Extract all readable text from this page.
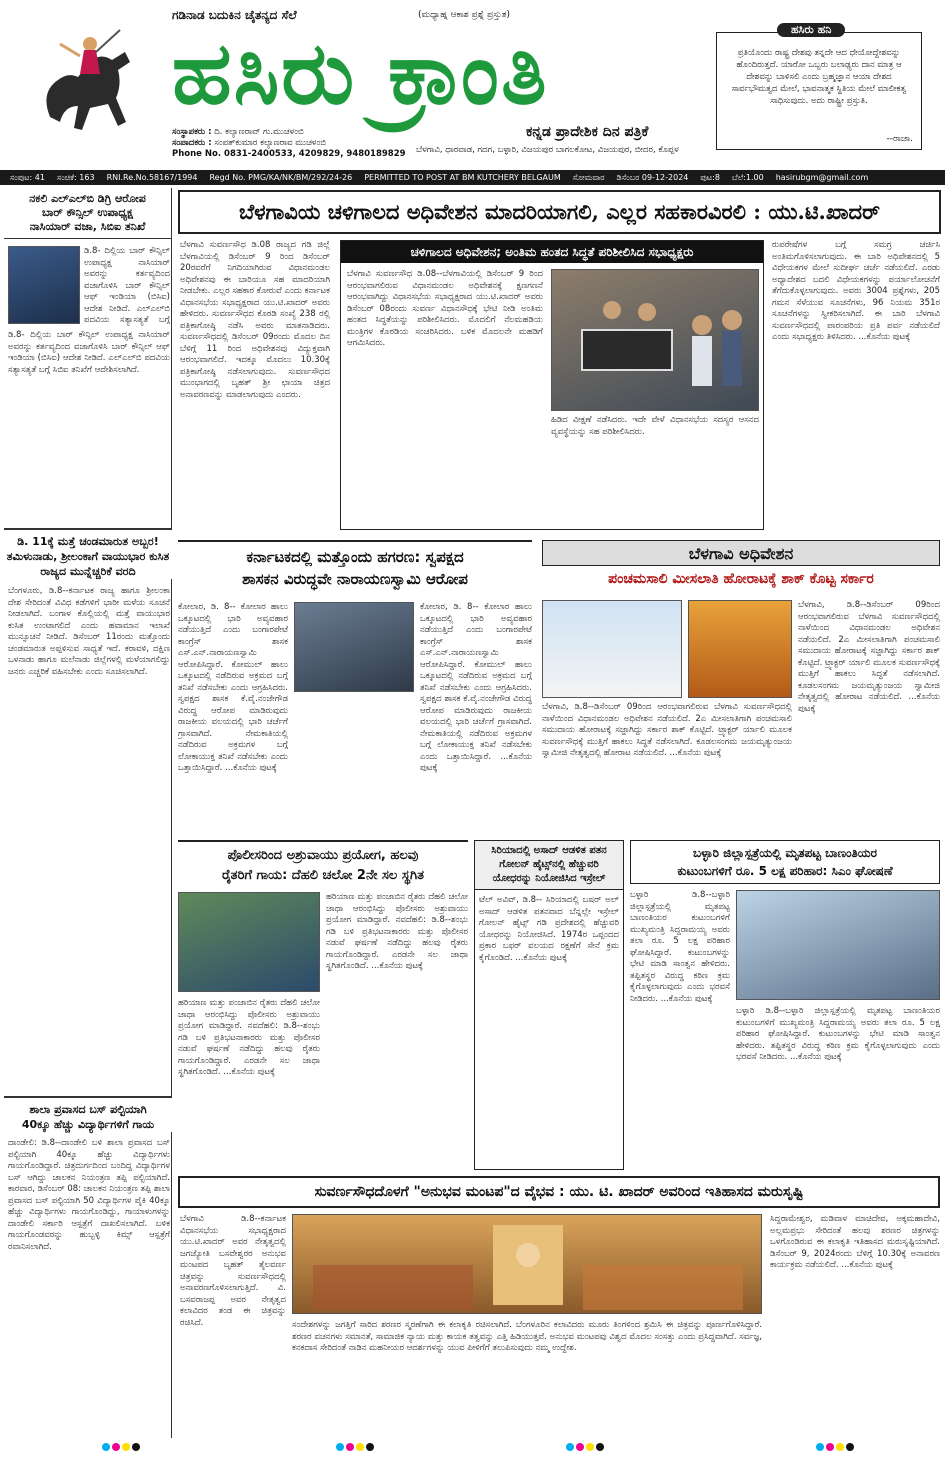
ಗಡಿನಾಡ ಬದುಕಿನ ಚೈತನ್ಯದ ಸೆಲೆ	(ಮಧ್ಯಾಹ್ನ ಆಕಾಶ ಪ್ರಶ್ನೆ ಪ್ರಸ್ತುತ)
ಹಸಿರು ಕ್ರಾಂತಿ
ಕನ್ನಡ ಪ್ರಾದೇಶಿಕ ದಿನ ಪತ್ರಿಕೆ
ಸಂಸ್ಥಾಪಕರು : ದಿ. ಕಲ್ಯಾಣರಾವ್ ಗು.ಮುಚಳಂಬಿ
ಸಂಪಾದಕರು : ಸಂಪತ್‌ಕುಮಾರ ಕಲ್ಯಾಣರಾವ ಮುಚಳಂಬಿ
Phone No. 0831-2400533, 4209829, 9480189829 ಬೆಳಗಾವಿ, ಧಾರವಾಡ, ಗದಗ, ಬಳ್ಳಾರಿ, ವಿಜಯಪುರ ಬಾಗಲಕೋಟ, ವಿಜಯಪುರ, ಬೀದರ, ಕೊಪ್ಪಳ
ಹಸಿರು ಹನಿ
ಪ್ರತಿಯೊಂದು ರಾಷ್ಟ್ರ ದೇಶವು ತನ್ನದೇ ಆದ ಧೇಯೋದ್ದೇಶವನ್ನು ಹೊಂದಿರುತ್ತದೆ. ಯಾರೋ ಒಬ್ಬರು ಬಲಾಢ್ಯರು ದಾನ ಮಾತ್ರ ಆ ದೇಶವನ್ನು ಬಾಳಿಸಲಿ ಎಂದು ಬ್ರಹ್ಮಜ್ಞಾನ ಆಯಾ ದೇಶದ ಸಾರ್ವಭೌಮತ್ವದ ಮೇಲೆ, ಭಾವನಾತ್ಮಕ ಸ್ಥಿತಿಯ ಮೇಲೆ ಮಾಲೀಕತ್ವ ಸಾಧಿಸುವುದು. ಅದು ರಾಷ್ಟ್ರೀ ಪ್ರಸ್ತುತಿ.
--ರಾಜಾ.
ಸಂಪುಟ: 41 ಸಂಚಿಕೆ: 163 RNI.Re.No.58167/1994 Regd No. PMG/KA/NK/BM/292/24-26 PERMITTED TO POST AT BM KUTCHERY BELGAUM ಸೋಮವಾರ ಡಿಸೆಂಬರ 09-12-2024 ಪುಟ:8 ಬೆಲೆ:1.00 hasirubgm@gmail.com
ನಕಲಿ ಎಲ್‌ಎಲ್‌ಬಿ ಡಿಗ್ರಿ ಆರೋಪ
ಬಾರ್ ಕೌನ್ಸಿಲ್ ಉಪಾಧ್ಯಕ್ಷ
ನಾಸಿಯಾರ್ ವಜಾ, ಸಿಬಿಐ ತನಿಖೆ
ಡಿ.8- ದಿಲ್ಲಿಯ ಬಾರ್ ಕೌನ್ಸಿಲ್ ಉಪಾಧ್ಯಕ್ಷ ನಾಸಿಯಾರ್ ಅವರನ್ನು ಕರ್ತವ್ಯದಿಂದ ವಜಾಗೊಳಿಸಿ ಬಾರ್ ಕೌನ್ಸಿಲ್ ಆಫ್ ಇಂಡಿಯಾ (ಬಿಸಿಐ) ಆದೇಶ ನೀಡಿದೆ. ಎಲ್‌ಎಲ್‌ಬಿ ಪದವಿಯ ಸತ್ಯಾಸತ್ಯತೆ ಬಗ್ಗೆ
ಡಿ.8- ದಿಲ್ಲಿಯ ಬಾರ್ ಕೌನ್ಸಿಲ್ ಉಪಾಧ್ಯಕ್ಷ ನಾಸಿಯಾರ್ ಅವರನ್ನು ಕರ್ತವ್ಯದಿಂದ ವಜಾಗೊಳಿಸಿ ಬಾರ್ ಕೌನ್ಸಿಲ್ ಆಫ್ ಇಂಡಿಯಾ (ಬಿಸಿಐ) ಆದೇಶ ನೀಡಿದೆ. ಎಲ್‌ಎಲ್‌ಬಿ ಪದವಿಯ ಸತ್ಯಾಸತ್ಯತೆ ಬಗ್ಗೆ ಸಿಬಿಐ ತನಿಖೆಗೆ ಆದೇಶಿಸಲಾಗಿದೆ.
ಡಿ. 11ಕ್ಕೆ ಮತ್ತೆ ಚಂಡಮಾರುತ ಅಬ್ಬರ!
ತಮಿಳುನಾಡು, ಶ್ರೀಲಂಕಾಗೆ ವಾಯುಭಾರ ಕುಸಿತ
ರಾಜ್ಯದ ಮುನ್ನೆಚ್ಚರಿಕೆ ವರದಿ
ಬೆಂಗಳೂರು, ಡಿ.8--ಕರ್ನಾಟಕ ರಾಜ್ಯ ಹಾಗೂ ಶ್ರೀಲಂಕಾ ದೇಶ ಸೇರಿದಂತೆ ವಿವಿಧ ಕಡೆಗಳಿಗೆ ಭಾರೀ ಮಳೆಯ ಸೂಚನೆ ನೀಡಲಾಗಿದೆ. ಬಂಗಾಳ ಕೊಲ್ಲಿಯಲ್ಲಿ ಮತ್ತೆ ವಾಯುಭಾರ ಕುಸಿತ ಉಂಟಾಗಲಿದೆ ಎಂದು ಹವಾಮಾನ ಇಲಾಖೆ ಮುನ್ಸೂಚನೆ ನೀಡಿದೆ. ಡಿಸೆಂಬರ್ 11ರಂದು ಮತ್ತೊಂದು ಚಂಡಮಾರುತ ಅಪ್ಪಳಿಸುವ ಸಾಧ್ಯತೆ ಇದೆ. ಕರಾವಳಿ, ದಕ್ಷಿಣ ಒಳನಾಡು ಹಾಗೂ ಮಲೆನಾಡು ಜಿಲ್ಲೆಗಳಲ್ಲಿ ಮಳೆಯಾಗಲಿದ್ದು ಜನರು ಎಚ್ಚರಿಕೆ ವಹಿಸಬೇಕು ಎಂದು ಸೂಚಿಸಲಾಗಿದೆ.
ಶಾಲಾ ಪ್ರವಾಸದ ಬಸ್ ಪಲ್ಟಿಯಾಗಿ
40ಕ್ಕೂ ಹೆಚ್ಚು ವಿದ್ಯಾರ್ಥಿಗಳಿಗೆ ಗಾಯ
ದಾಂಡೇಲಿ: ಡಿ.8--ದಾಂಡೇಲಿ ಬಳಿ ಶಾಲಾ ಪ್ರವಾಸದ ಬಸ್ ಪಲ್ಟಿಯಾಗಿ 40ಕ್ಕೂ ಹೆಚ್ಚು ವಿದ್ಯಾರ್ಥಿಗಳು ಗಾಯಗೊಂಡಿದ್ದಾರೆ. ಚಿತ್ರದುರ್ಗದಿಂದ ಬಂದಿದ್ದ ವಿದ್ಯಾರ್ಥಿಗಳ ಬಸ್ ಆಗಿದ್ದು ಚಾಲಕನ ನಿಯಂತ್ರಣ ತಪ್ಪಿ ಪಲ್ಟಿಯಾಗಿದೆ. ಕಾರವಾರ, ಡಿಸೆಂಬರ್ 08: ಚಾಲಕನ ನಿಯಂತ್ರಣ ತಪ್ಪಿ ಶಾಲಾ ಪ್ರವಾಸದ ಬಸ್ ಪಲ್ಟಿಯಾಗಿ 50 ವಿದ್ಯಾರ್ಥಿಗಳ ಪೈಕಿ 40ಕ್ಕೂ ಹೆಚ್ಚು ವಿದ್ಯಾರ್ಥಿಗಳು ಗಾಯಗೊಂಡಿದ್ದು, ಗಾಯಾಳುಗಳನ್ನು ದಾಂಡೇಲಿ ಸರ್ಕಾರಿ ಆಸ್ಪತ್ರೆಗೆ ದಾಖಲಿಸಲಾಗಿದೆ. ಬಳಿಕ ಗಾಯಗೊಂಡವರನ್ನು ಹುಬ್ಬಳ್ಳಿ ಕಿಮ್ಸ್ ಆಸ್ಪತ್ರೆಗೆ ರವಾನಿಸಲಾಗಿದೆ.
ಬೆಳಗಾವಿಯ ಚಳಿಗಾಲದ ಅಧಿವೇಶನ ಮಾದರಿಯಾಗಲಿ, ಎಲ್ಲರ ಸಹಕಾರವಿರಲಿ : ಯು.ಟಿ.ಖಾದರ್
ಬೆಳಗಾವಿ ಸುವರ್ಣಸೌಧ ಡಿ.08 ರಾಜ್ಯದ ಗಡಿ ಜಿಲ್ಲೆ ಬೆಳಗಾವಿಯಲ್ಲಿ ಡಿಸೆಂಬರ್ 9 ರಿಂದ ಡಿಸೆಂಬರ್ 20ರವರೆಗೆ ನಿಗದಿಯಾಗಿರುವ ವಿಧಾನಮಂಡಲ ಅಧಿವೇಶನವು ಈ ಬಾರಿಯೂ ಸಹ ಮಾದರಿಯಾಗಿ ನೀಡಬೇಕು. ಎಲ್ಲರ ಸಹಕಾರ ಕೋರುವೆ ಎಂದು ಕರ್ನಾಟಕ ವಿಧಾನಸಭೆಯ ಸಭಾಧ್ಯಕ್ಷರಾದ ಯು.ಟಿ.ಖಾದರ್ ಅವರು ಹೇಳಿದರು. ಸುವರ್ಣಸೌಧದ ಕೊಠಡಿ ಸಂಖ್ಯೆ 238 ರಲ್ಲಿ ಪತ್ರಿಕಾಗೋಷ್ಠಿ ನಡೆಸಿ ಅವರು ಮಾತನಾಡಿದರು. ಸುವರ್ಣಸೌಧದಲ್ಲಿ ಡಿಸೆಂಬರ್ 09ರಂದು ಮೊದಲ ದಿನ ಬೆಳಿಗ್ಗೆ 11 ರಿಂದ ಅಧಿವೇಶನವು ವಿದ್ಯುಕ್ತವಾಗಿ ಆರಂಭವಾಗಲಿದೆ. ಇದಕ್ಕೂ ಮೊದಲು 10.30ಕ್ಕೆ ಪತ್ರಿಕಾಗೋಷ್ಠಿ ನಡೆಸಲಾಗುವುದು. ಸುವರ್ಣಸೌಧದ ಮುಂಭಾಗದಲ್ಲಿ ಬೃಹತ್ ಶ್ರೀ ಛಾಯಾ ಚಿತ್ರದ ಅನಾವರಣವನ್ನು ಮಾಡಲಾಗುವುದು ಎಂದರು.
ಚಳಿಗಾಲದ ಅಧಿವೇಶನ; ಅಂತಿಮ ಹಂತದ ಸಿದ್ಧತೆ ಪರಿಶೀಲಿಸಿದ ಸಭಾಧ್ಯಕ್ಷರು
ಬೆಳಗಾವಿ ಸುವರ್ಣಸೌಧ ಡಿ.08--ಬೆಳಗಾವಿಯಲ್ಲಿ ಡಿಸೆಂಬರ್ 9 ರಿಂದ ಆರಂಭವಾಗಲಿರುವ ವಿಧಾನಮಂಡಲ ಅಧಿವೇಶನಕ್ಕೆ ಕ್ಷಣಗಣನೆ ಆರಂಭವಾಗಿದ್ದು ವಿಧಾನಸಭೆಯ ಸಭಾಧ್ಯಕ್ಷರಾದ ಯು.ಟಿ.ಖಾದರ್ ಅವರು ಡಿಸೆಂಬರ್ 08ರಂದು ಸುವರ್ಣ ವಿಧಾನಸೌಧಕ್ಕೆ ಭೇಟಿ ನೀಡಿ ಅಂತಿಮ ಹಂತದ ಸಿದ್ಧತೆಯನ್ನು ಪರಿಶೀಲಿಸಿದರು. ಮೊದಲಿಗೆ ನೆಲಮಹಡಿಯ ಮಂತ್ರಿಗಳ ಕೊಠಡಿಯ ಸಂಚರಿಸಿದರು. ಬಳಿಕ ಮೊದಲನೇ ಮಹಡಿಗೆ ಆಗಮಿಸಿದರು.
ಹಿಡಿದ ವೀಕ್ಷಣೆ ನಡೆಸಿದರು. ಇದೇ ವೇಳೆ ವಿಧಾನಸಭೆಯ ಸದಸ್ಯರ ಆಸನದ ವ್ಯವಸ್ಥೆಯನ್ನು ಸಹ ಪರಿಶೀಲಿಸಿದರು.
ರುಪರೇಷೆಗಳ ಬಗ್ಗೆ ಸಮಗ್ರ ಚರ್ಚಿಸಿ ಅಂತಿಮಗೊಳಿಸಲಾಗುವುದು. ಈ ಬಾರಿ ಅಧಿವೇಶನದಲ್ಲಿ 5 ವಿಧೇಯಕಗಳ ಮೇಲೆ ಸುದೀರ್ಘ ಚರ್ಚೆ ನಡೆಯಲಿದೆ. ಎರಡು ಅಧ್ಯಾದೇಶದ ಬದಲಿ ವಿಧೇಯಕಗಳನ್ನು ಪರ್ಯಾಲೋಚನೆಗೆ ತೆಗೆದುಕೊಳ್ಳಲಾಗುವುದು. ಅವರು 3004 ಪ್ರಶ್ನೆಗಳು, 205 ಗಮನ ಸೆಳೆಯುವ ಸೂಚನೆಗಳು, 96 ನಿಯಮ 351ರ ಸೂಚನೆಗಳನ್ನು ಸ್ವೀಕರಿಸಲಾಗಿದೆ. ಈ ಬಾರಿ ಬೆಳಗಾವಿ ಸುವರ್ಣಸೌಧದಲ್ಲಿ ಪಾರಂಪರಿಯ ಪ್ರತಿ ಪರ್ವ ನಡೆಯಲಿದೆ ಎಂದು ಸಭಾಧ್ಯಕ್ಷರು ತಿಳಿಸಿದರು. ...ಕೊನೆಯ ಪುಟಕ್ಕೆ
ಕರ್ನಾಟಕದಲ್ಲಿ ಮತ್ತೊಂದು ಹಗರಣ: ಸ್ವಪಕ್ಷದ
ಶಾಸಕನ ವಿರುದ್ಧವೇ ನಾರಾಯಣಸ್ವಾಮಿ ಆರೋಪ
ಕೋಲಾರ, ಡಿ. 8-- ಕೋಲಾರ ಹಾಲು ಒಕ್ಕೂಟದಲ್ಲಿ ಭಾರಿ ಅವ್ಯವಹಾರ ನಡೆಯುತ್ತಿದೆ ಎಂದು ಬಂಗಾರಪೇಟೆ ಕಾಂಗ್ರೆಸ್ ಶಾಸಕ ಎಸ್.ಎನ್.ನಾರಾಯಣಸ್ವಾಮಿ ಆರೋಪಿಸಿದ್ದಾರೆ. ಕೋಮುಲ್ ಹಾಲು ಒಕ್ಕೂಟದಲ್ಲಿ ನಡೆದಿರುವ ಅಕ್ರಮದ ಬಗ್ಗೆ ತನಿಖೆ ನಡೆಸಬೇಕು ಎಂದು ಆಗ್ರಹಿಸಿದರು. ಸ್ವಪಕ್ಷದ ಶಾಸಕ ಕೆ.ವೈ.ನಂಜೇಗೌಡ ವಿರುದ್ಧ ಆರೋಪ ಮಾಡಿರುವುದು ರಾಜಕೀಯ ವಲಯದಲ್ಲಿ ಭಾರಿ ಚರ್ಚೆಗೆ ಗ್ರಾಸವಾಗಿದೆ. ನೇಮಕಾತಿಯಲ್ಲಿ ನಡೆದಿರುವ ಅಕ್ರಮಗಳ ಬಗ್ಗೆ ಲೋಕಾಯುಕ್ತ ತನಿಖೆ ನಡೆಸಬೇಕು ಎಂದು ಒತ್ತಾಯಿಸಿದ್ದಾರೆ. ...ಕೊನೆಯ ಪುಟಕ್ಕೆ
ಕೋಲಾರ, ಡಿ. 8-- ಕೋಲಾರ ಹಾಲು ಒಕ್ಕೂಟದಲ್ಲಿ ಭಾರಿ ಅವ್ಯವಹಾರ ನಡೆಯುತ್ತಿದೆ ಎಂದು ಬಂಗಾರಪೇಟೆ ಕಾಂಗ್ರೆಸ್ ಶಾಸಕ ಎಸ್.ಎನ್.ನಾರಾಯಣಸ್ವಾಮಿ ಆರೋಪಿಸಿದ್ದಾರೆ. ಕೋಮುಲ್ ಹಾಲು ಒಕ್ಕೂಟದಲ್ಲಿ ನಡೆದಿರುವ ಅಕ್ರಮದ ಬಗ್ಗೆ ತನಿಖೆ ನಡೆಸಬೇಕು ಎಂದು ಆಗ್ರಹಿಸಿದರು. ಸ್ವಪಕ್ಷದ ಶಾಸಕ ಕೆ.ವೈ.ನಂಜೇಗೌಡ ವಿರುದ್ಧ ಆರೋಪ ಮಾಡಿರುವುದು ರಾಜಕೀಯ ವಲಯದಲ್ಲಿ ಭಾರಿ ಚರ್ಚೆಗೆ ಗ್ರಾಸವಾಗಿದೆ. ನೇಮಕಾತಿಯಲ್ಲಿ ನಡೆದಿರುವ ಅಕ್ರಮಗಳ ಬಗ್ಗೆ ಲೋಕಾಯುಕ್ತ ತನಿಖೆ ನಡೆಸಬೇಕು ಎಂದು ಒತ್ತಾಯಿಸಿದ್ದಾರೆ. ...ಕೊನೆಯ ಪುಟಕ್ಕೆ
ಬೆಳಗಾವಿ ಅಧಿವೇಶನ
ಪಂಚಮಸಾಲಿ ಮೀಸಲಾತಿ ಹೋರಾಟಕ್ಕೆ ಶಾಕ್ ಕೊಟ್ಟ ಸರ್ಕಾರ
ಬೆಳಗಾವಿ, ಡಿ.8--ಡಿಸೆಂಬರ್ 09ರಿಂದ ಆರಂಭವಾಗಲಿರುವ ಬೆಳಗಾವಿ ಸುವರ್ಣಸೌಧದಲ್ಲಿ ನಾಳೆಯಿಂದ ವಿಧಾನಮಂಡಲ ಅಧಿವೇಶನ ನಡೆಯಲಿದೆ. 2ಎ ಮೀಸಲಾತಿಗಾಗಿ ಪಂಚಮಸಾಲಿ ಸಮುದಾಯ ಹೋರಾಟಕ್ಕೆ ಸಜ್ಜಾಗಿದ್ದು ಸರ್ಕಾರ ಶಾಕ್ ಕೊಟ್ಟಿದೆ. ಟ್ರ್ಯಾಕ್ಟರ್ ರ್ಯಾಲಿ ಮೂಲಕ ಸುವರ್ಣಸೌಧಕ್ಕೆ ಮುತ್ತಿಗೆ ಹಾಕಲು ಸಿದ್ಧತೆ ನಡೆಸಲಾಗಿದೆ. ಕೂಡಲಸಂಗಮ ಜಯಮೃತ್ಯುಂಜಯ ಸ್ವಾಮೀಜಿ ನೇತೃತ್ವದಲ್ಲಿ ಹೋರಾಟ ನಡೆಯಲಿದೆ. ...ಕೊನೆಯ ಪುಟಕ್ಕೆ
ಬೆಳಗಾವಿ, ಡಿ.8--ಡಿಸೆಂಬರ್ 09ರಿಂದ ಆರಂಭವಾಗಲಿರುವ ಬೆಳಗಾವಿ ಸುವರ್ಣಸೌಧದಲ್ಲಿ ನಾಳೆಯಿಂದ ವಿಧಾನಮಂಡಲ ಅಧಿವೇಶನ ನಡೆಯಲಿದೆ. 2ಎ ಮೀಸಲಾತಿಗಾಗಿ ಪಂಚಮಸಾಲಿ ಸಮುದಾಯ ಹೋರಾಟಕ್ಕೆ ಸಜ್ಜಾಗಿದ್ದು ಸರ್ಕಾರ ಶಾಕ್ ಕೊಟ್ಟಿದೆ. ಟ್ರ್ಯಾಕ್ಟರ್ ರ್ಯಾಲಿ ಮೂಲಕ ಸುವರ್ಣಸೌಧಕ್ಕೆ ಮುತ್ತಿಗೆ ಹಾಕಲು ಸಿದ್ಧತೆ ನಡೆಸಲಾಗಿದೆ. ಕೂಡಲಸಂಗಮ ಜಯಮೃತ್ಯುಂಜಯ ಸ್ವಾಮೀಜಿ ನೇತೃತ್ವದಲ್ಲಿ ಹೋರಾಟ ನಡೆಯಲಿದೆ. ...ಕೊನೆಯ ಪುಟಕ್ಕೆ
ಪೊಲೀಸರಿಂದ ಅಶ್ರುವಾಯು ಪ್ರಯೋಗ, ಹಲವು
ರೈತರಿಗೆ ಗಾಯ: ದೆಹಲಿ ಚಲೋ 2ನೇ ಸಲ ಸ್ಥಗಿತ
ಹರಿಯಾಣ ಮತ್ತು ಪಂಜಾಬಿನ ರೈತರು ದೆಹಲಿ ಚಲೋ ಜಾಥಾ ಆರಂಭಿಸಿದ್ದು ಪೊಲೀಸರು ಅಶ್ರುವಾಯು ಪ್ರಯೋಗ ಮಾಡಿದ್ದಾರೆ. ನವದೆಹಲಿ: ಡಿ.8--ಶಂಭು ಗಡಿ ಬಳಿ ಪ್ರತಿಭಟನಾಕಾರರು ಮತ್ತು ಪೊಲೀಸರ ನಡುವೆ ಘರ್ಷಣೆ ನಡೆದಿದ್ದು ಹಲವು ರೈತರು ಗಾಯಗೊಂಡಿದ್ದಾರೆ. ಎರಡನೇ ಸಲ ಜಾಥಾ ಸ್ಥಗಿತಗೊಂಡಿದೆ. ...ಕೊನೆಯ ಪುಟಕ್ಕೆ
ಹರಿಯಾಣ ಮತ್ತು ಪಂಜಾಬಿನ ರೈತರು ದೆಹಲಿ ಚಲೋ ಜಾಥಾ ಆರಂಭಿಸಿದ್ದು ಪೊಲೀಸರು ಅಶ್ರುವಾಯು ಪ್ರಯೋಗ ಮಾಡಿದ್ದಾರೆ. ನವದೆಹಲಿ: ಡಿ.8--ಶಂಭು ಗಡಿ ಬಳಿ ಪ್ರತಿಭಟನಾಕಾರರು ಮತ್ತು ಪೊಲೀಸರ ನಡುವೆ ಘರ್ಷಣೆ ನಡೆದಿದ್ದು ಹಲವು ರೈತರು ಗಾಯಗೊಂಡಿದ್ದಾರೆ. ಎರಡನೇ ಸಲ ಜಾಥಾ ಸ್ಥಗಿತಗೊಂಡಿದೆ. ...ಕೊನೆಯ ಪುಟಕ್ಕೆ
ಸಿರಿಯಾದಲ್ಲಿ ಅಸಾದ್ ಆಡಳಿತ ಪತನ
ಗೋಲನ್ ಹೈಟ್ಸ್‌ನಲ್ಲಿ ಹೆಚ್ಚುವರಿ
ಯೋಧರನ್ನು ನಿಯೋಜಿಸಿದ ಇಸ್ರೇಲ್
ಟೆಲ್ ಅವಿವ್, ಡಿ.8-- ಸಿರಿಯಾದಲ್ಲಿ ಬಷರ್ ಅಲ್ ಅಸಾದ್ ಆಡಳಿತ ಪತನವಾದ ಬೆನ್ನಲ್ಲೇ ಇಸ್ರೇಲ್ ಗೋಲನ್ ಹೈಟ್ಸ್ ಗಡಿ ಪ್ರದೇಶದಲ್ಲಿ ಹೆಚ್ಚುವರಿ ಯೋಧರನ್ನು ನಿಯೋಜಿಸಿದೆ. 1974ರ ಒಪ್ಪಂದದ ಪ್ರಕಾರ ಬಫರ್ ವಲಯದ ರಕ್ಷಣೆಗೆ ಸೇನೆ ಕ್ರಮ ಕೈಗೊಂಡಿದೆ. ...ಕೊನೆಯ ಪುಟಕ್ಕೆ
ಬಳ್ಳಾರಿ ಜಿಲ್ಲಾಸ್ಪತ್ರೆಯಲ್ಲಿ ಮೃತಪಟ್ಟ ಬಾಣಂತಿಯರ
ಕುಟುಂಬಗಳಿಗೆ ರೂ. 5 ಲಕ್ಷ ಪರಿಹಾರ: ಸಿಎಂ ಘೋಷಣೆ
ಬಳ್ಳಾರಿ ಡಿ.8--ಬಳ್ಳಾರಿ ಜಿಲ್ಲಾಸ್ಪತ್ರೆಯಲ್ಲಿ ಮೃತಪಟ್ಟ ಬಾಣಂತಿಯರ ಕುಟುಂಬಗಳಿಗೆ ಮುಖ್ಯಮಂತ್ರಿ ಸಿದ್ದರಾಮಯ್ಯ ಅವರು ತಲಾ ರೂ. 5 ಲಕ್ಷ ಪರಿಹಾರ ಘೋಷಿಸಿದ್ದಾರೆ. ಕುಟುಂಬಗಳನ್ನು ಭೇಟಿ ಮಾಡಿ ಸಾಂತ್ವನ ಹೇಳಿದರು. ತಪ್ಪಿತಸ್ಥರ ವಿರುದ್ಧ ಕಠಿಣ ಕ್ರಮ ಕೈಗೊಳ್ಳಲಾಗುವುದು ಎಂದು ಭರವಸೆ ನೀಡಿದರು. ...ಕೊನೆಯ ಪುಟಕ್ಕೆ
ಬಳ್ಳಾರಿ ಡಿ.8--ಬಳ್ಳಾರಿ ಜಿಲ್ಲಾಸ್ಪತ್ರೆಯಲ್ಲಿ ಮೃತಪಟ್ಟ ಬಾಣಂತಿಯರ ಕುಟುಂಬಗಳಿಗೆ ಮುಖ್ಯಮಂತ್ರಿ ಸಿದ್ದರಾಮಯ್ಯ ಅವರು ತಲಾ ರೂ. 5 ಲಕ್ಷ ಪರಿಹಾರ ಘೋಷಿಸಿದ್ದಾರೆ. ಕುಟುಂಬಗಳನ್ನು ಭೇಟಿ ಮಾಡಿ ಸಾಂತ್ವನ ಹೇಳಿದರು. ತಪ್ಪಿತಸ್ಥರ ವಿರುದ್ಧ ಕಠಿಣ ಕ್ರಮ ಕೈಗೊಳ್ಳಲಾಗುವುದು ಎಂದು ಭರವಸೆ ನೀಡಿದರು. ...ಕೊನೆಯ ಪುಟಕ್ಕೆ
ಸುವರ್ಣಸೌಧದೊಳಗೆ "ಅನುಭವ ಮಂಟಪ"ದ ವೈಭವ : ಯು. ಟಿ. ಖಾದರ್ ಅವರಿಂದ ಇತಿಹಾಸದ ಮರುಸೃಷ್ಟಿ
ಬೆಳಗಾವಿ ಡಿ.8--ಕರ್ನಾಟಕ ವಿಧಾನಸಭೆಯ ಸಭಾಧ್ಯಕ್ಷರಾದ ಯು.ಟಿ.ಖಾದರ್ ಅವರ ನೇತೃತ್ವದಲ್ಲಿ ಜಗಜ್ಯೋತಿ ಬಸವೇಶ್ವರರ ಅನುಭವ ಮಂಟಪದ ಬೃಹತ್ ತೈಲವರ್ಣ ಚಿತ್ರವನ್ನು ಸುವರ್ಣಸೌಧದಲ್ಲಿ ಅನಾವರಣಗೊಳಿಸಲಾಗುತ್ತಿದೆ. ವಿ. ಬಸವರಾಜಪ್ಪ ಅವರ ನೇತೃತ್ವದ ಕಲಾವಿದರ ತಂಡ ಈ ಚಿತ್ರವನ್ನು ರಚಿಸಿದೆ.	ಸಂದೇಶಗಳನ್ನು ಜಗತ್ತಿಗೆ ಸಾರಿದ ಶರಣರ ಸ್ಮರಣೆಗಾಗಿ ಈ ಕಲಾಕೃತಿ ರಚಿಸಲಾಗಿದೆ. ಬೆಂಗಳೂರಿನ ಕಲಾವಿದರು ಮೂರು ತಿಂಗಳಿಂದ ಶ್ರಮಿಸಿ ಈ ಚಿತ್ರವನ್ನು ಪೂರ್ಣಗೊಳಿಸಿದ್ದಾರೆ. ಶರಣರ ವಚನಗಳು ಸಮಾನತೆ, ಸಾಮಾಜಿಕ ನ್ಯಾಯ ಮತ್ತು ಕಾಯಕ ತತ್ವವನ್ನು ಎತ್ತಿ ಹಿಡಿಯುತ್ತವೆ. ಅನುಭವ ಮಂಟಪವು ವಿಶ್ವದ ಮೊದಲ ಸಂಸತ್ತು ಎಂದು ಪ್ರಸಿದ್ಧವಾಗಿದೆ. ಸರ್ವಜ್ಞ, ಕನಕದಾಸ ಸೇರಿದಂತೆ ನಾಡಿನ ಮಹನೀಯರ ಆದರ್ಶಗಳನ್ನು ಯುವ ಪೀಳಿಗೆಗೆ ತಲುಪಿಸುವುದು ನಮ್ಮ ಉದ್ದೇಶ.
ಸಿದ್ದರಾಮೇಶ್ವರ, ಮಡಿವಾಳ ಮಾಚಿದೇವ, ಅಕ್ಕಮಹಾದೇವಿ, ಅಲ್ಲಮಪ್ರಭು ಸೇರಿದಂತೆ ಹಲವು ಶರಣರ ಚಿತ್ರಗಳನ್ನು ಒಳಗೊಂಡಿರುವ ಈ ಕಲಾಕೃತಿ ಇತಿಹಾಸದ ಮರುಸೃಷ್ಟಿಯಾಗಿದೆ. ಡಿಸೆಂಬರ್ 9, 2024ರಂದು ಬೆಳಿಗ್ಗೆ 10.30ಕ್ಕೆ ಅನಾವರಣ ಕಾರ್ಯಕ್ರಮ ನಡೆಯಲಿದೆ. ...ಕೊನೆಯ ಪುಟಕ್ಕೆ
